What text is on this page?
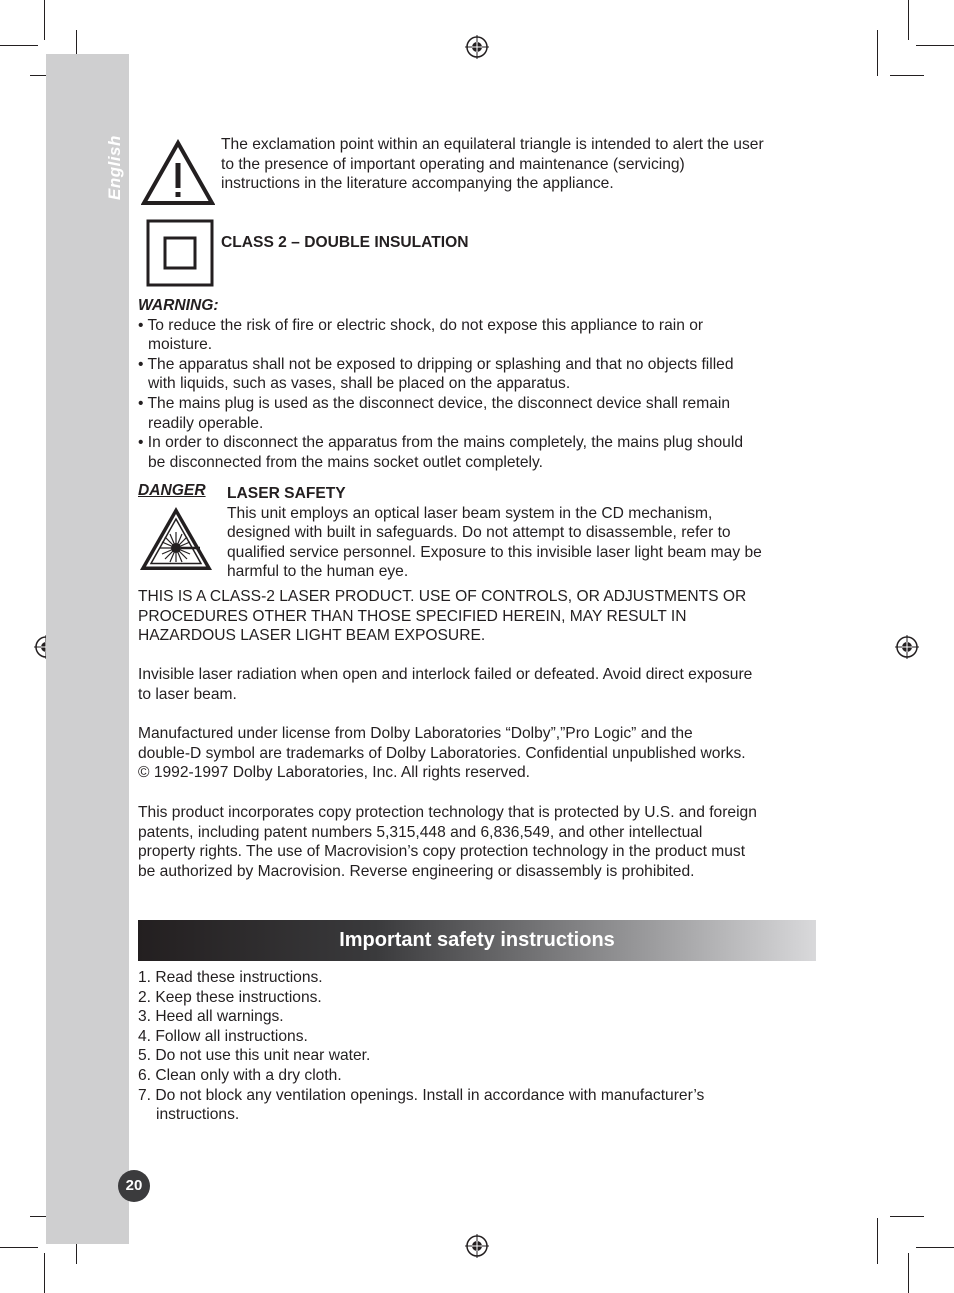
20
The exclamation point within an equilateral triangle is intended to alert the user
to the presence of important operating and maintenance (servicing)
instructions in the literature accompanying the appliance.
CLASS 2 – DOUBLE INSULATION
WARNING:
• To reduce the risk of fire or electric shock, do not expose this appliance to rain or
moisture.
• The apparatus shall not be exposed to dripping or splashing and that no objects filled
with liquids, such as vases, shall be placed on the apparatus.
• The mains plug is used as the disconnect device, the disconnect device shall remain
readily operable.
• In order to disconnect the apparatus from the mains completely, the mains plug should
be disconnected from the mains socket outlet completely.
DANGER LASER SAFETY
This unit employs an optical laser beam system in the CD mechanism,
designed with built in safeguards. Do not attempt to disassemble, refer to
qualified service personnel. Exposure to this invisible laser light beam may be
harmful to the human eye.
THIS IS A CLASS-2 LASER PRODUCT. USE OF CONTROLS, OR ADJUSTMENTS OR
PROCEDURES OTHER THAN THOSE SPECIFIED HEREIN, MAY RESULT IN
HAZARDOUS LASER LIGHT BEAM EXPOSURE.
Invisible laser radiation when open and interlock failed or defeated. Avoid direct exposure
to laser beam.
Manufactured under license from Dolby Laboratories “Dolby”,”Pro Logic” and the
double-D symbol are trademarks of Dolby Laboratories. Confidential unpublished works.
© 1992-1997 Dolby Laboratories, Inc. All rights reserved.
This product incorporates copy protection technology that is protected by U.S. and foreign
patents, including patent numbers 5,315,448 and 6,836,549, and other intellectual
property rights. The use of Macrovision’s copy protection technology in the product must
be authorized by Macrovision. Reverse engineering or disassembly is prohibited.
Important safety instructions
1. Read these instructions.
2. Keep these instructions.
3. Heed all warnings.
4. Follow all instructions.
5. Do not use this unit near water.
6. Clean only with a dry cloth.
7. Do not block any ventilation openings. Install in accordance with manufacturer’s
instructions.
